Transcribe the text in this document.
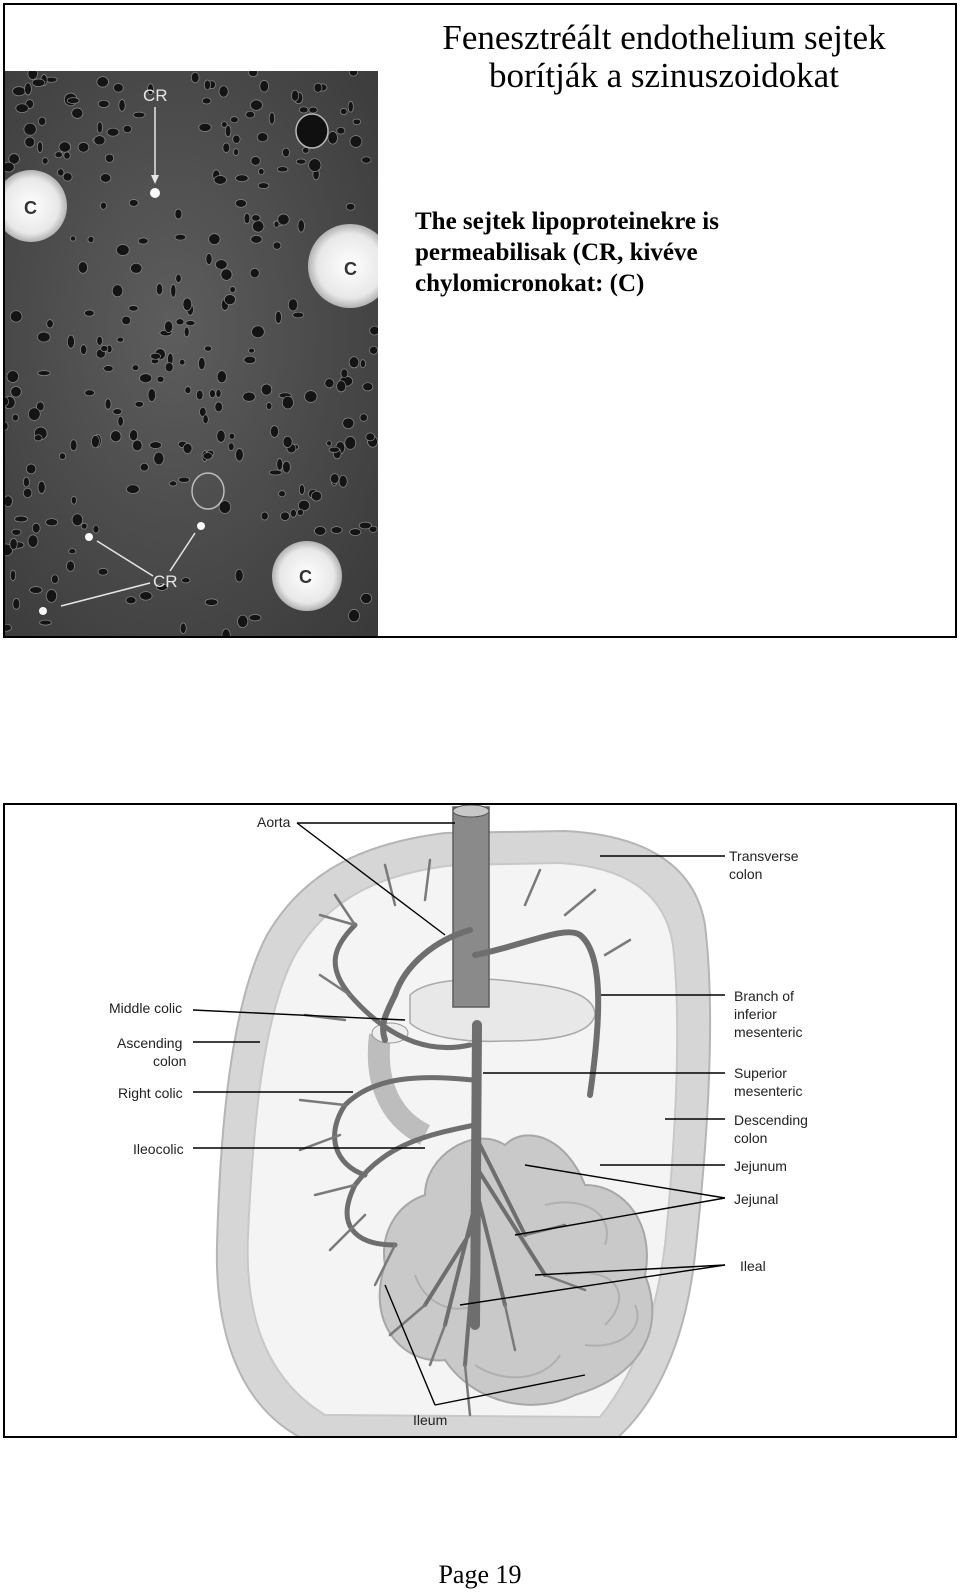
C
C
C
CR
CR
Fenesztréált endothelium sejtek
borítják a szinuszoidokat
The sejtek lipoproteinekre is
permeabilisak (CR, kivéve
chylomicronokat: (C)
Aorta
Transverse
colon
Branch of
inferior
mesenteric
Middle colic
Ascending
colon
Superior
mesenteric
Right colic
Descending
colon
Ileocolic
Jejunum
Jejunal
Ileal
Ileum
Page 19
